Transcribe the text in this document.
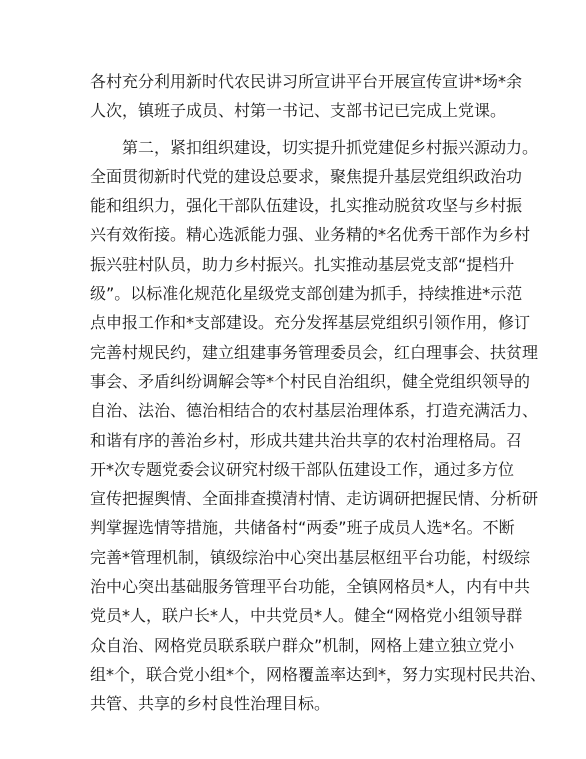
各村充分利用新时代农民讲习所宣讲平台开展宣传宣讲*场*余
人次，镇班子成员、村第一书记、支部书记已完成上党课。
第二，紧扣组织建设，切实提升抓党建促乡村振兴源动力。
全面贯彻新时代党的建设总要求，聚焦提升基层党组织政治功
能和组织力，强化干部队伍建设，扎实推动脱贫攻坚与乡村振
兴有效衔接。精心选派能力强、业务精的*名优秀干部作为乡村
振兴驻村队员，助力乡村振兴。扎实推动基层党支部“提档升
级”。以标准化规范化星级党支部创建为抓手，持续推进*示范
点申报工作和*支部建设。充分发挥基层党组织引领作用，修订
完善村规民约，建立组建事务管理委员会，红白理事会、扶贫理
事会、矛盾纠纷调解会等*个村民自治组织，健全党组织领导的
自治、法治、德治相结合的农村基层治理体系，打造充满活力、
和谐有序的善治乡村，形成共建共治共享的农村治理格局。召
开*次专题党委会议研究村级干部队伍建设工作，通过多方位
宣传把握舆情、全面排查摸清村情、走访调研把握民情、分析研
判掌握选情等措施，共储备村“两委”班子成员人选*名。不断
完善*管理机制，镇级综治中心突出基层枢纽平台功能，村级综
治中心突出基础服务管理平台功能，全镇网格员*人，内有中共
党员*人，联户长*人，中共党员*人。健全“网格党小组领导群
众自治、网格党员联系联户群众”机制，网格上建立独立党小
组*个，联合党小组*个，网格覆盖率达到*，努力实现村民共治、
共管、共享的乡村良性治理目标。
